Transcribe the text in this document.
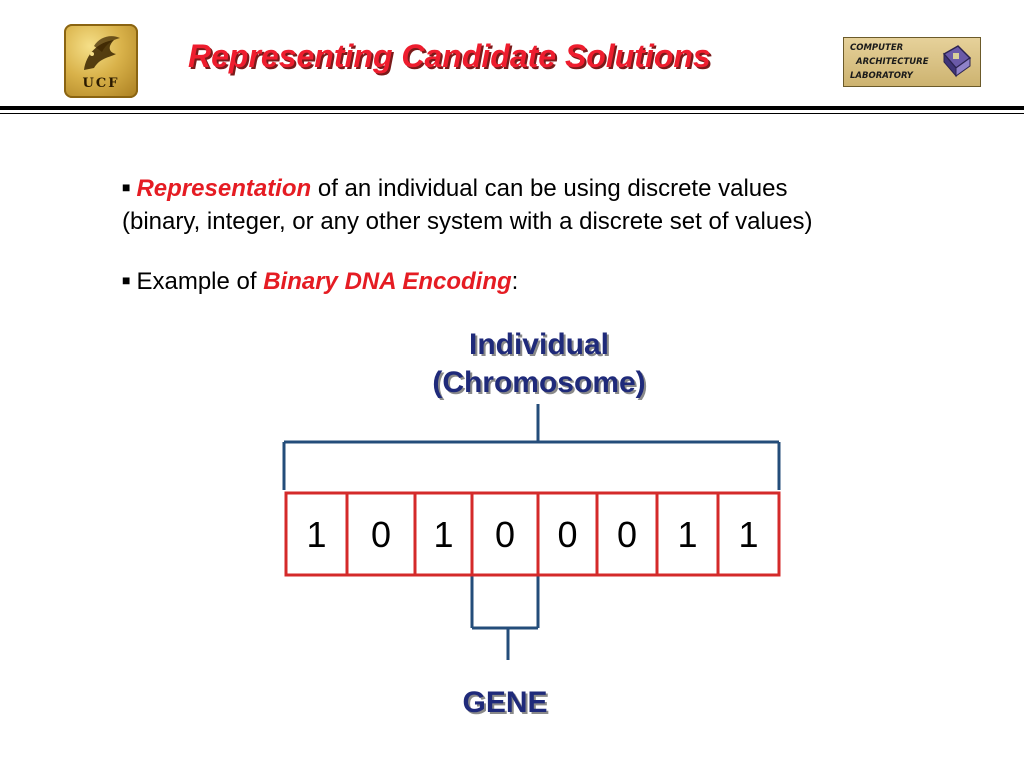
UCF
Representing Candidate Solutions	COMPUTER
ARCHITECTURE
LABORATORY

■ Representation of an individual can be using discrete values
(binary, integer, or any other system with a discrete set of values)

■ Example of Binary DNA Encoding:

Individual
(Chromosome)
GENE
1 0 1 0 0 0 1 1
